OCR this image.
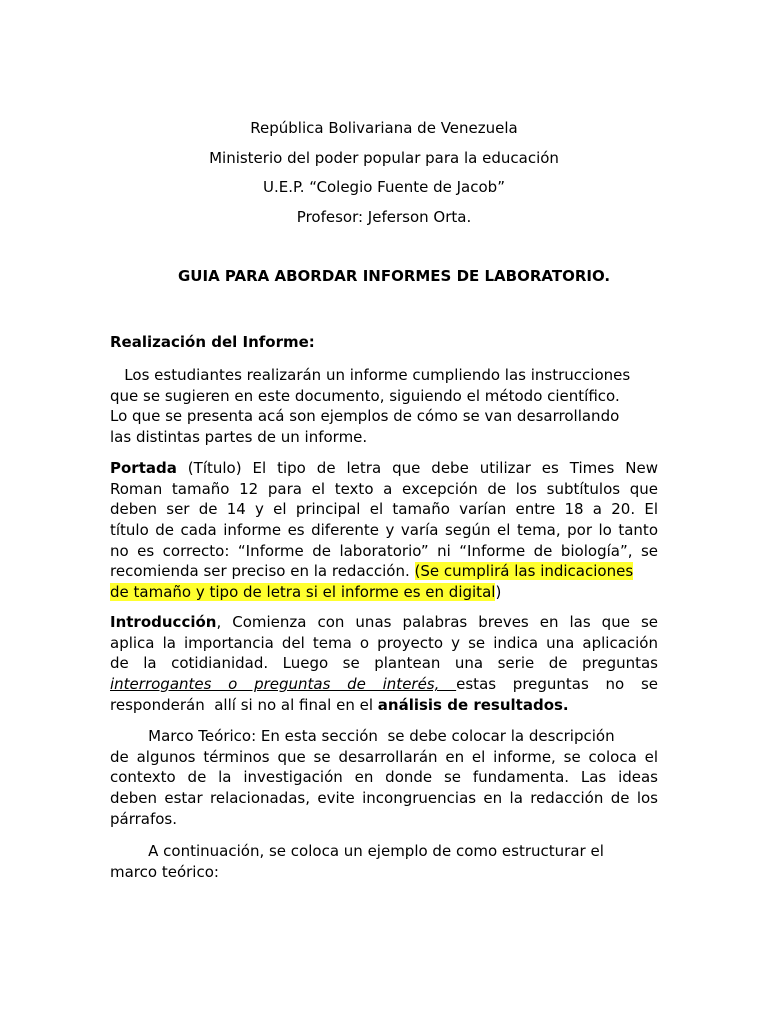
República Bolivariana de Venezuela
Ministerio del poder popular para la educación
U.E.P. “Colegio Fuente de Jacob”
Profesor: Jeferson Orta.
GUIA PARA ABORDAR INFORMES DE LABORATORIO.
Realización del Informe:
Los estudiantes realizarán un informe cumpliendo las instrucciones
que se sugieren en este documento, siguiendo el método científico.
Lo que se presenta acá son ejemplos de cómo se van desarrollando
las distintas partes de un informe.
Portada (Título) El tipo de letra que debe utilizar es Times New
Roman tamaño 12 para el texto a excepción de los subtítulos que
deben ser de 14 y el principal el tamaño varían entre 18 a 20. El
título de cada informe es diferente y varía según el tema, por lo tanto
no es correcto: “Informe de laboratorio” ni “Informe de biología”, se
recomienda ser preciso en la redacción. (Se cumplirá las indicaciones
de tamaño y tipo de letra si el informe es en digital)
Introducción, Comienza con unas palabras breves en las que se
aplica la importancia del tema o proyecto y se indica una aplicación
de la cotidianidad. Luego se plantean una serie de preguntas
interrogantes o preguntas de interés, estas preguntas no se
responderán  allí si no al final en el análisis de resultados.
Marco Teórico: En esta sección  se debe colocar la descripción
de algunos términos que se desarrollarán en el informe, se coloca el
contexto de la investigación en donde se fundamenta. Las ideas
deben estar relacionadas, evite incongruencias en la redacción de los
párrafos.
A continuación, se coloca un ejemplo de como estructurar el
marco teórico:
